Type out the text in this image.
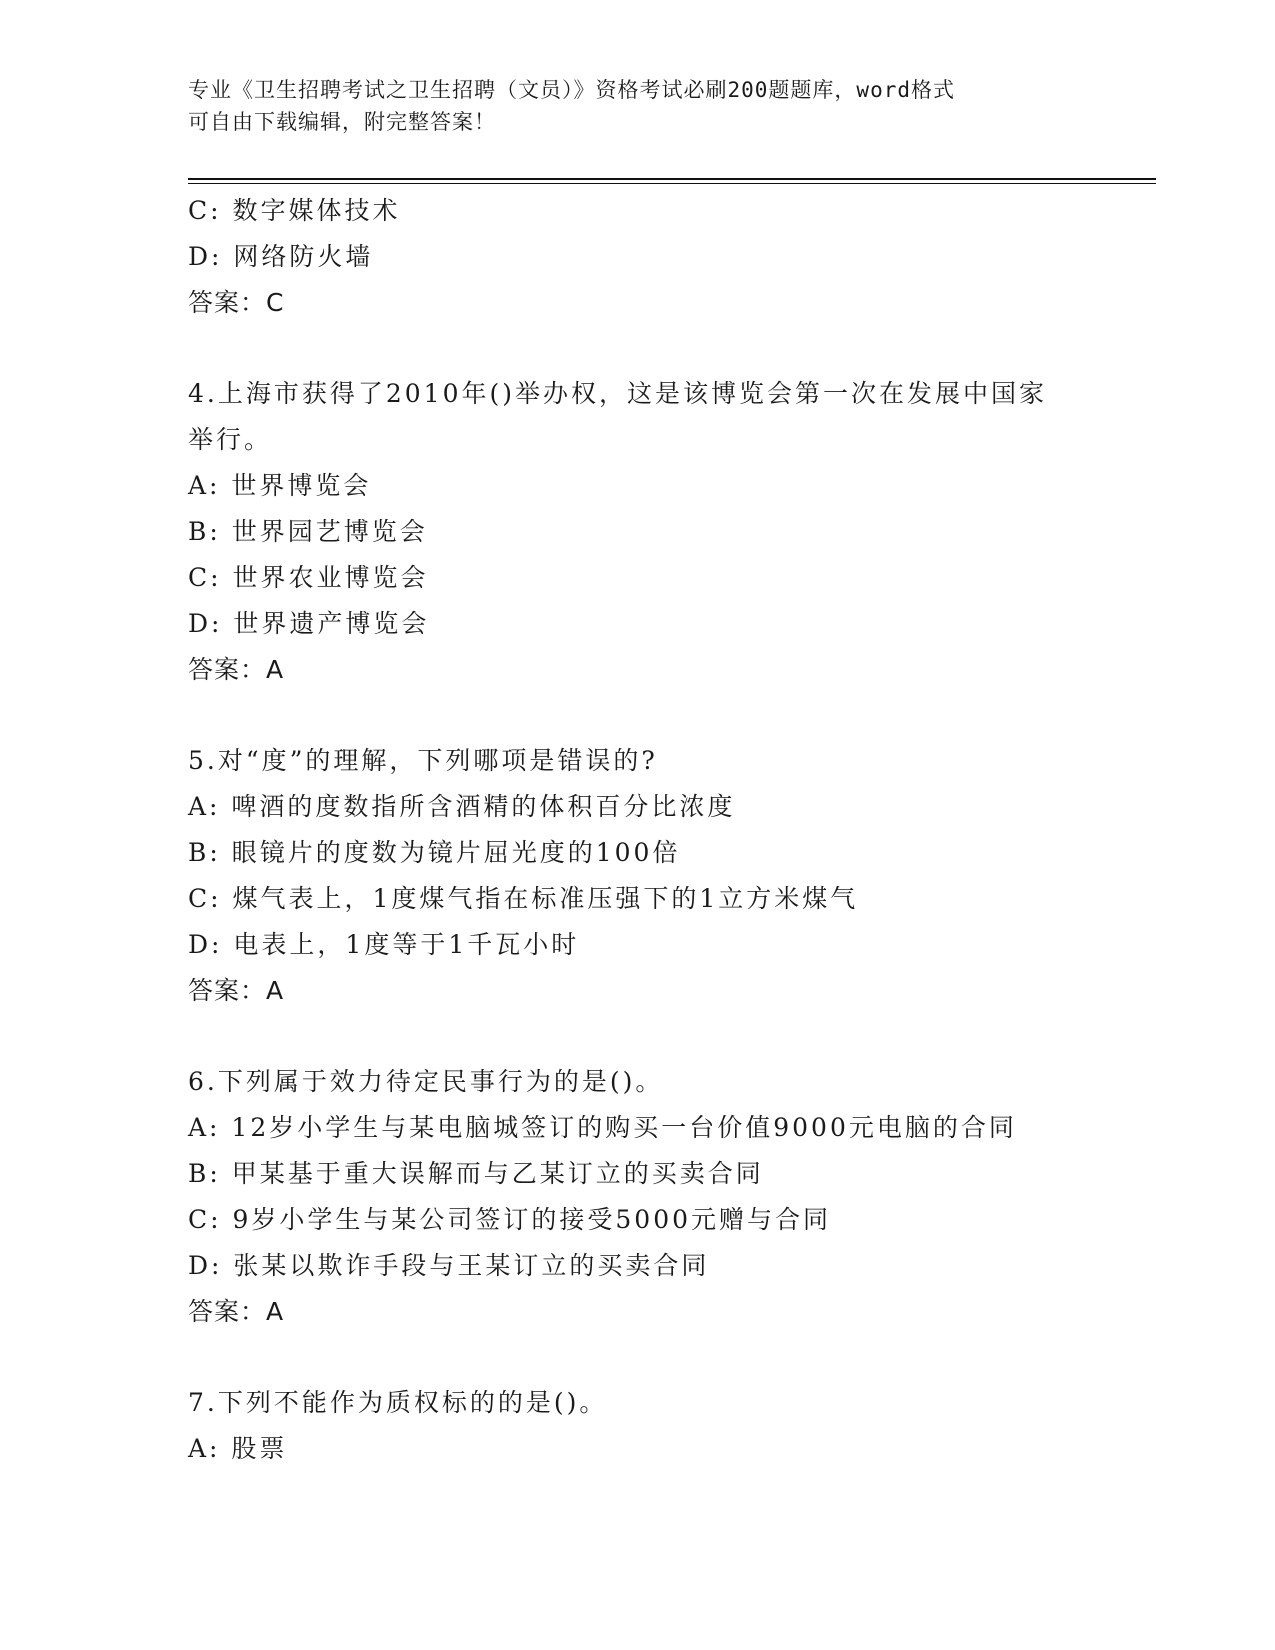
专业《卫生招聘考试之卫生招聘（文员）》资格考试必刷200题题库，word格式
可自由下载编辑，附完整答案！
C: 数字媒体技术
D: 网络防火墙
答案：C
4.上海市获得了2010年()举办权，这是该博览会第一次在发展中国家举行。
A: 世界博览会
B: 世界园艺博览会
C: 世界农业博览会
D: 世界遗产博览会
答案：A
5.对“度”的理解，下列哪项是错误的?
A: 啤酒的度数指所含酒精的体积百分比浓度
B: 眼镜片的度数为镜片屈光度的100倍
C: 煤气表上，1度煤气指在标准压强下的1立方米煤气
D: 电表上，1度等于1千瓦小时
答案：A
6.下列属于效力待定民事行为的是()。
A: 12岁小学生与某电脑城签订的购买一台价值9000元电脑的合同
B: 甲某基于重大误解而与乙某订立的买卖合同
C: 9岁小学生与某公司签订的接受5000元赠与合同
D: 张某以欺诈手段与王某订立的买卖合同
答案：A
7.下列不能作为质权标的的是()。
A: 股票
